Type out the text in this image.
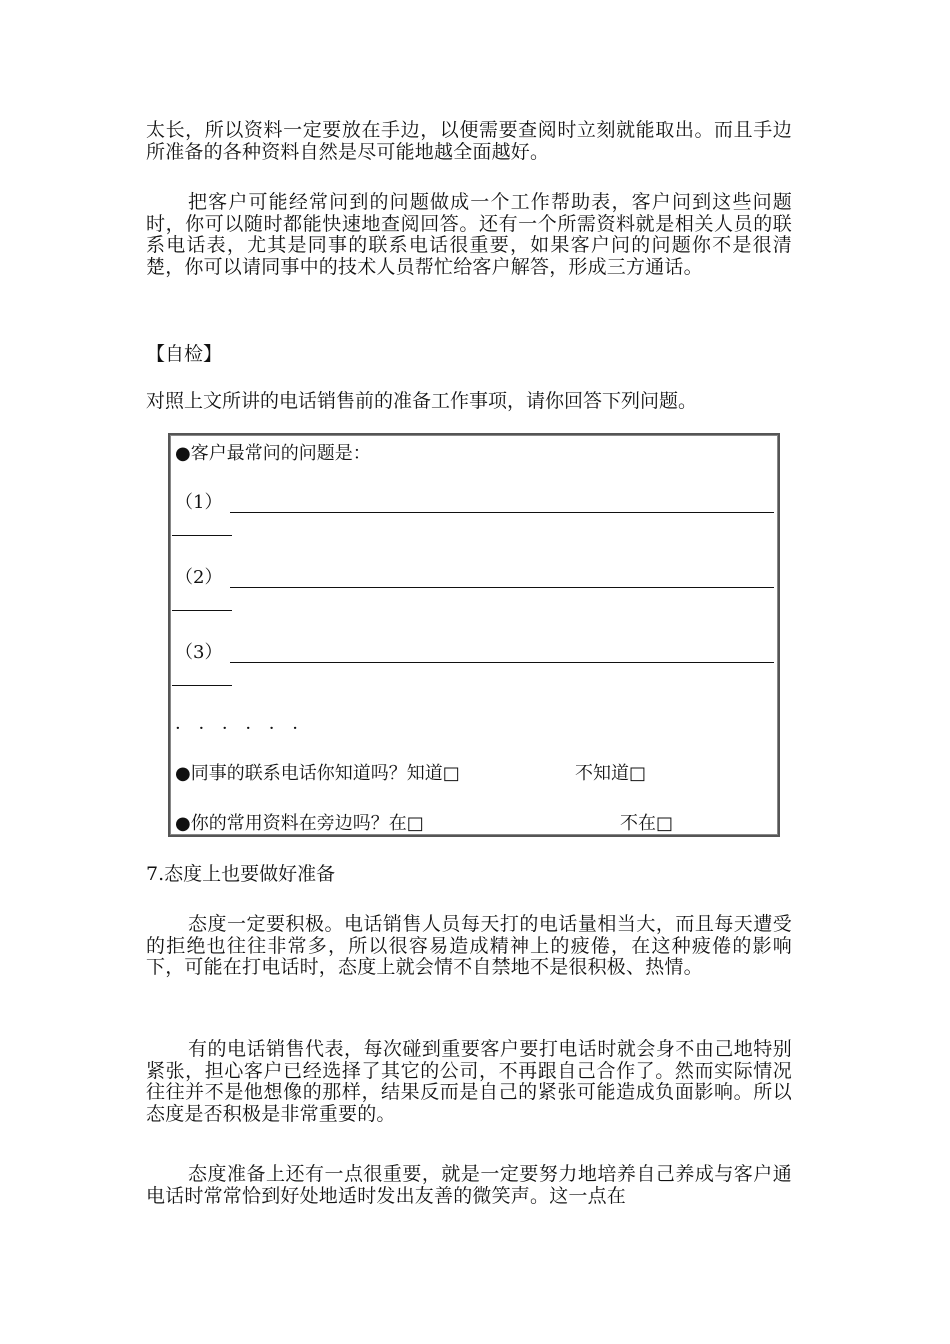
太长，所以资料一定要放在手边，以便需要查阅时立刻就能取出。而且手边所准备的各种资料自然是尽可能地越全面越好。

把客户可能经常问到的问题做成一个工作帮助表，客户问到这些问题时，你可以随时都能快速地查阅回答。还有一个所需资料就是相关人员的联系电话表，尤其是同事的联系电话很重要，如果客户问的问题你不是很清楚，你可以请同事中的技术人员帮忙给客户解答，形成三方通话。

【自检】
对照上文所讲的电话销售前的准备工作事项，请你回答下列问题。
●客户最常问的问题是：
（1）
（2）
（3）
· · · · · ·
●同事的联系电话你知道吗？知道□	不知道□
●你的常用资料在旁边吗？在□	不在□
7.态度上也要做好准备

态度一定要积极。电话销售人员每天打的电话量相当大，而且每天遭受的拒绝也往往非常多，所以很容易造成精神上的疲倦，在这种疲倦的影响下，可能在打电话时，态度上就会情不自禁地不是很积极、热情。

有的电话销售代表，每次碰到重要客户要打电话时就会身不由己地特别紧张，担心客户已经选择了其它的公司，不再跟自己合作了。然而实际情况往往并不是他想像的那样，结果反而是自己的紧张可能造成负面影响。所以态度是否积极是非常重要的。

态度准备上还有一点很重要，就是一定要努力地培养自己养成与客户通电话时常常恰到好处地适时发出友善的微笑声。这一点在
